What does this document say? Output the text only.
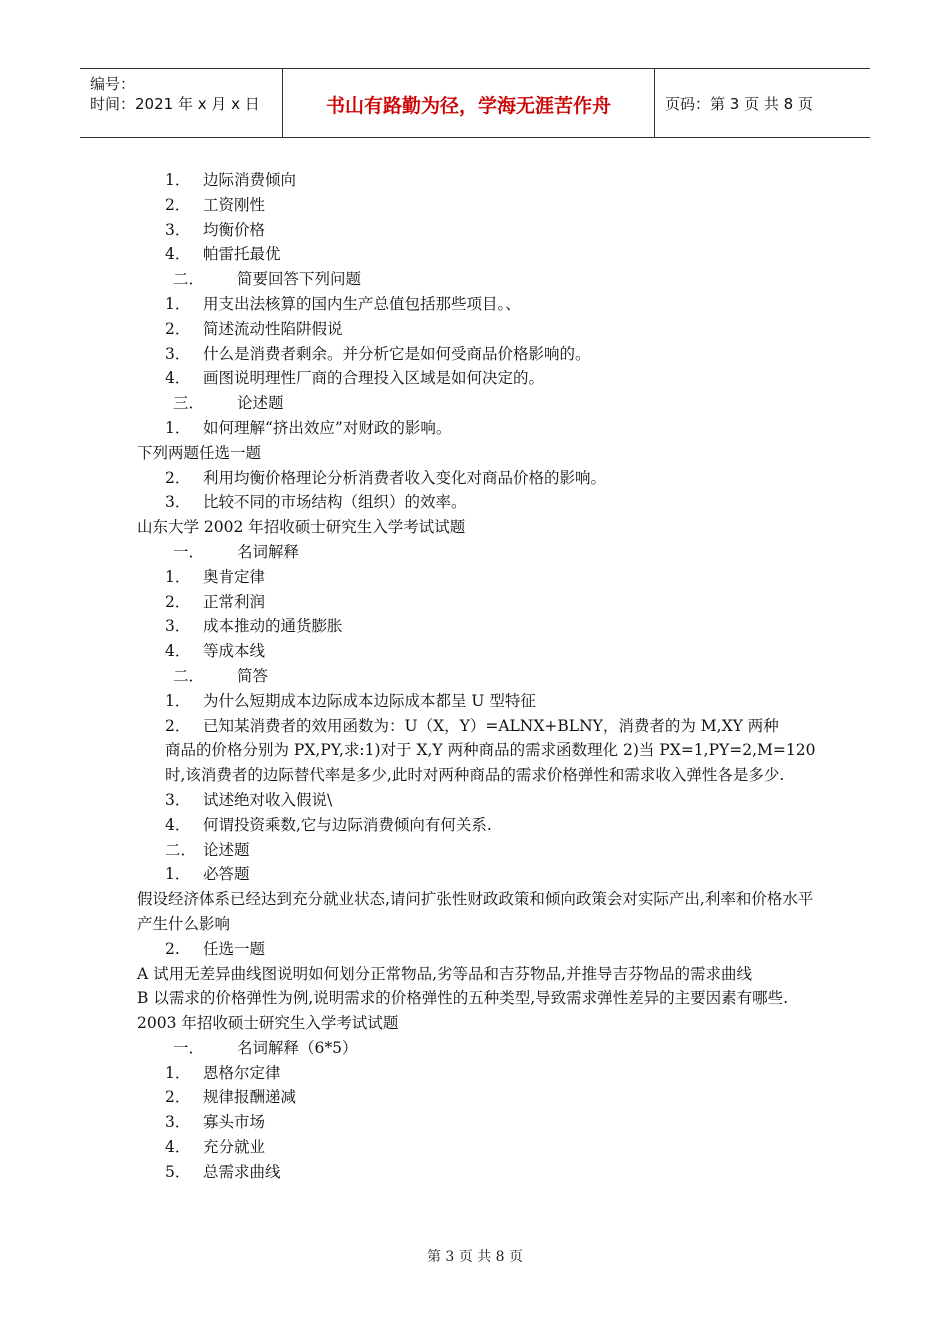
编号：
时间：2021 年 x 月 x 日	书山有路勤为径，学海无涯苦作舟	页码：第 3 页 共 8 页
1． 边际消费倾向
2． 工资刚性
3． 均衡价格
4． 帕雷托最优
二． 简要回答下列问题
1． 用支出法核算的国内生产总值包括那些项目。、
2． 简述流动性陷阱假说
3． 什么是消费者剩余。并分析它是如何受商品价格影响的。
4． 画图说明理性厂商的合理投入区域是如何决定的。
三． 论述题
1． 如何理解“挤出效应”对财政的影响。
下列两题任选一题
2． 利用均衡价格理论分析消费者收入变化对商品价格的影响。
3． 比较不同的市场结构（组织）的效率。
山东大学 2002 年招收硕士研究生入学考试试题
一． 名词解释
1． 奥肯定律
2． 正常利润
3． 成本推动的通货膨胀
4． 等成本线
二． 简答
1． 为什么短期成本边际成本边际成本都呈 U 型特征
2． 已知某消费者的效用函数为：U（X，Y）=ALNX+BLNY，消费者的为 M,XY 两种
商品的价格分别为 PX,PY,求:1)对于 X,Y 两种商品的需求函数理化 2)当 PX=1,PY=2,M=120 时,该消费者的边际替代率是多少,此时对两种商品的需求价格弹性和需求收入弹性各是多少.
3． 试述绝对收入假说\
4． 何谓投资乘数,它与边际消费倾向有何关系.
二． 论述题
1． 必答题
假设经济体系已经达到充分就业状态,请问扩张性财政政策和倾向政策会对实际产出,利率和价格水平产生什么影响
2. 任选一题
A 试用无差异曲线图说明如何划分正常物品,劣等品和吉芬物品,并推导吉芬物品的需求曲线
B 以需求的价格弹性为例,说明需求的价格弹性的五种类型,导致需求弹性差异的主要因素有哪些.
2003 年招收硕士研究生入学考试试题
一． 名词解释（6*5）
1． 恩格尔定律
2． 规律报酬递减
3． 寡头市场
4． 充分就业
5． 总需求曲线
第 3 页 共 8 页
